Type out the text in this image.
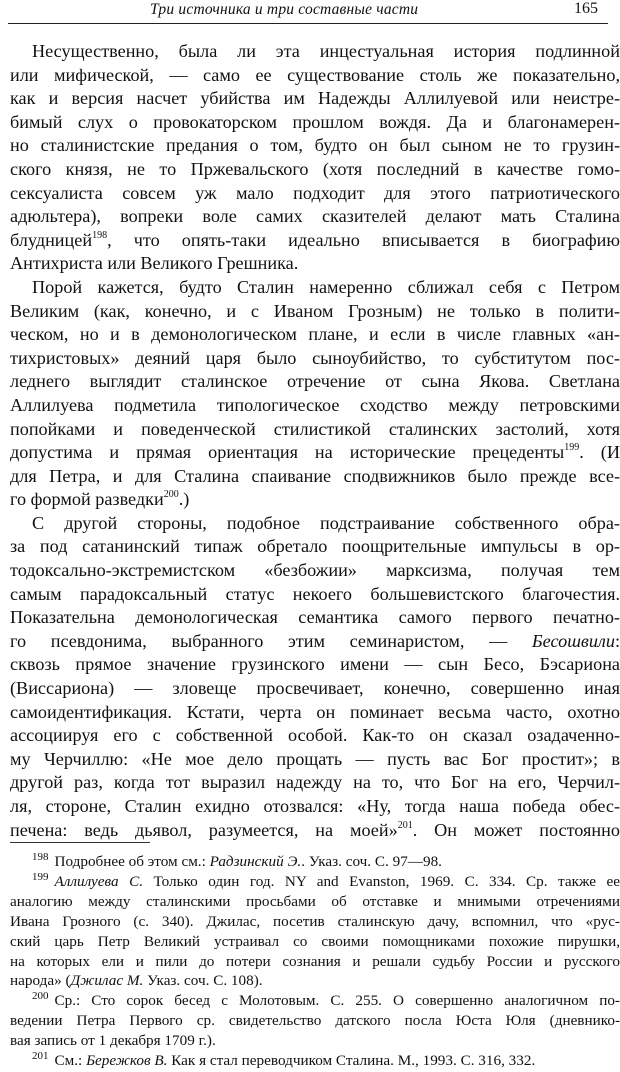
Три источника и три составные части	165

Несущественно, была ли эта инцестуальная история подлинной
или мифической, — само ее существование столь же показательно,
как и версия насчет убийства им Надежды Аллилуевой или неистре-
бимый слух о провокаторском прошлом вождя. Да и благонамерен-
но сталинистские предания о том, будто он был сыном не то грузин-
ского князя, не то Пржевальского (хотя последний в качестве гомо-
сексуалиста совсем уж мало подходит для этого патриотического
адюльтера), вопреки воле самих сказителей делают мать Сталина
блудницей$^{198}$, что опять-таки идеально вписывается в биографию
Антихриста или Великого Грешника.

Порой кажется, будто Сталин намеренно сближал себя с Петром
Великим (как, конечно, и с Иваном Грозным) не только в полити-
ческом, но и в демонологическом плане, и если в числе главных «ан-
тихристовых» деяний царя было сыноубийство, то субститутом пос-
леднего выглядит сталинское отречение от сына Якова. Светлана
Аллилуева подметила типологическое сходство между петровскими
попойками и поведенческой стилистикой сталинских застолий, хотя
допустима и прямая ориентация на исторические прецеденты$^{199}$. (И
для Петра, и для Сталина спаивание сподвижников было прежде все-
го формой разведки$^{200}$.)

С другой стороны, подобное подстраивание собственного обра-
за под сатанинский типаж обретало поощрительные импульсы в ор-
тодоксально-экстремистском «безбожии» марксизма, получая тем
самым парадоксальный статус некоего большевистского благочестия.
Показательна демонологическая семантика самого первого печатно-
го псевдонима, выбранного этим семинаристом, — Бесошвили:
сквозь прямое значение грузинского имени — сын Бесо, Бэсариона
(Виссариона) — зловеще просвечивает, конечно, совершенно иная
самоидентификация. Кстати, черта он поминает весьма часто, охотно
ассоциируя его с собственной особой. Как-то он сказал озадаченно-
му Черчиллю: «Не мое дело прощать — пусть вас Бог простит»; в
другой раз, когда тот выразил надежду на то, что Бог на его, Черчил-
ля, стороне, Сталин ехидно отозвался: «Ну, тогда наша победа обес-
печена: ведь дьявол, разумеется, на моей»$^{201}$. Он может постоянно

$^{198}$ Подробнее об этом см.: Радзинский Э.. Указ. соч. С. 97—98.

$^{199}$ Аллилуева С. Только один год. NY and Evanston, 1969. С. 334. Ср. также ее
аналогию между сталинскими просьбами об отставке и мнимыми отречениями
Ивана Грозного (с. 340). Джилас, посетив сталинскую дачу, вспомнил, что «рус-
ский царь Петр Великий устраивал со своими помощниками похожие пирушки,
на которых ели и пили до потери сознания и решали судьбу России и русского
народа» (Джилас М. Указ. соч. С. 108).

$^{200}$ Ср.: Сто сорок бесед с Молотовым. С. 255. О совершенно аналогичном по-
ведении Петра Первого ср. свидетельство датского посла Юста Юля (дневнико-
вая запись от 1 декабря 1709 г.).

$^{201}$ См.: Бережков В. Как я стал переводчиком Сталина. М., 1993. С. 316, 332.
